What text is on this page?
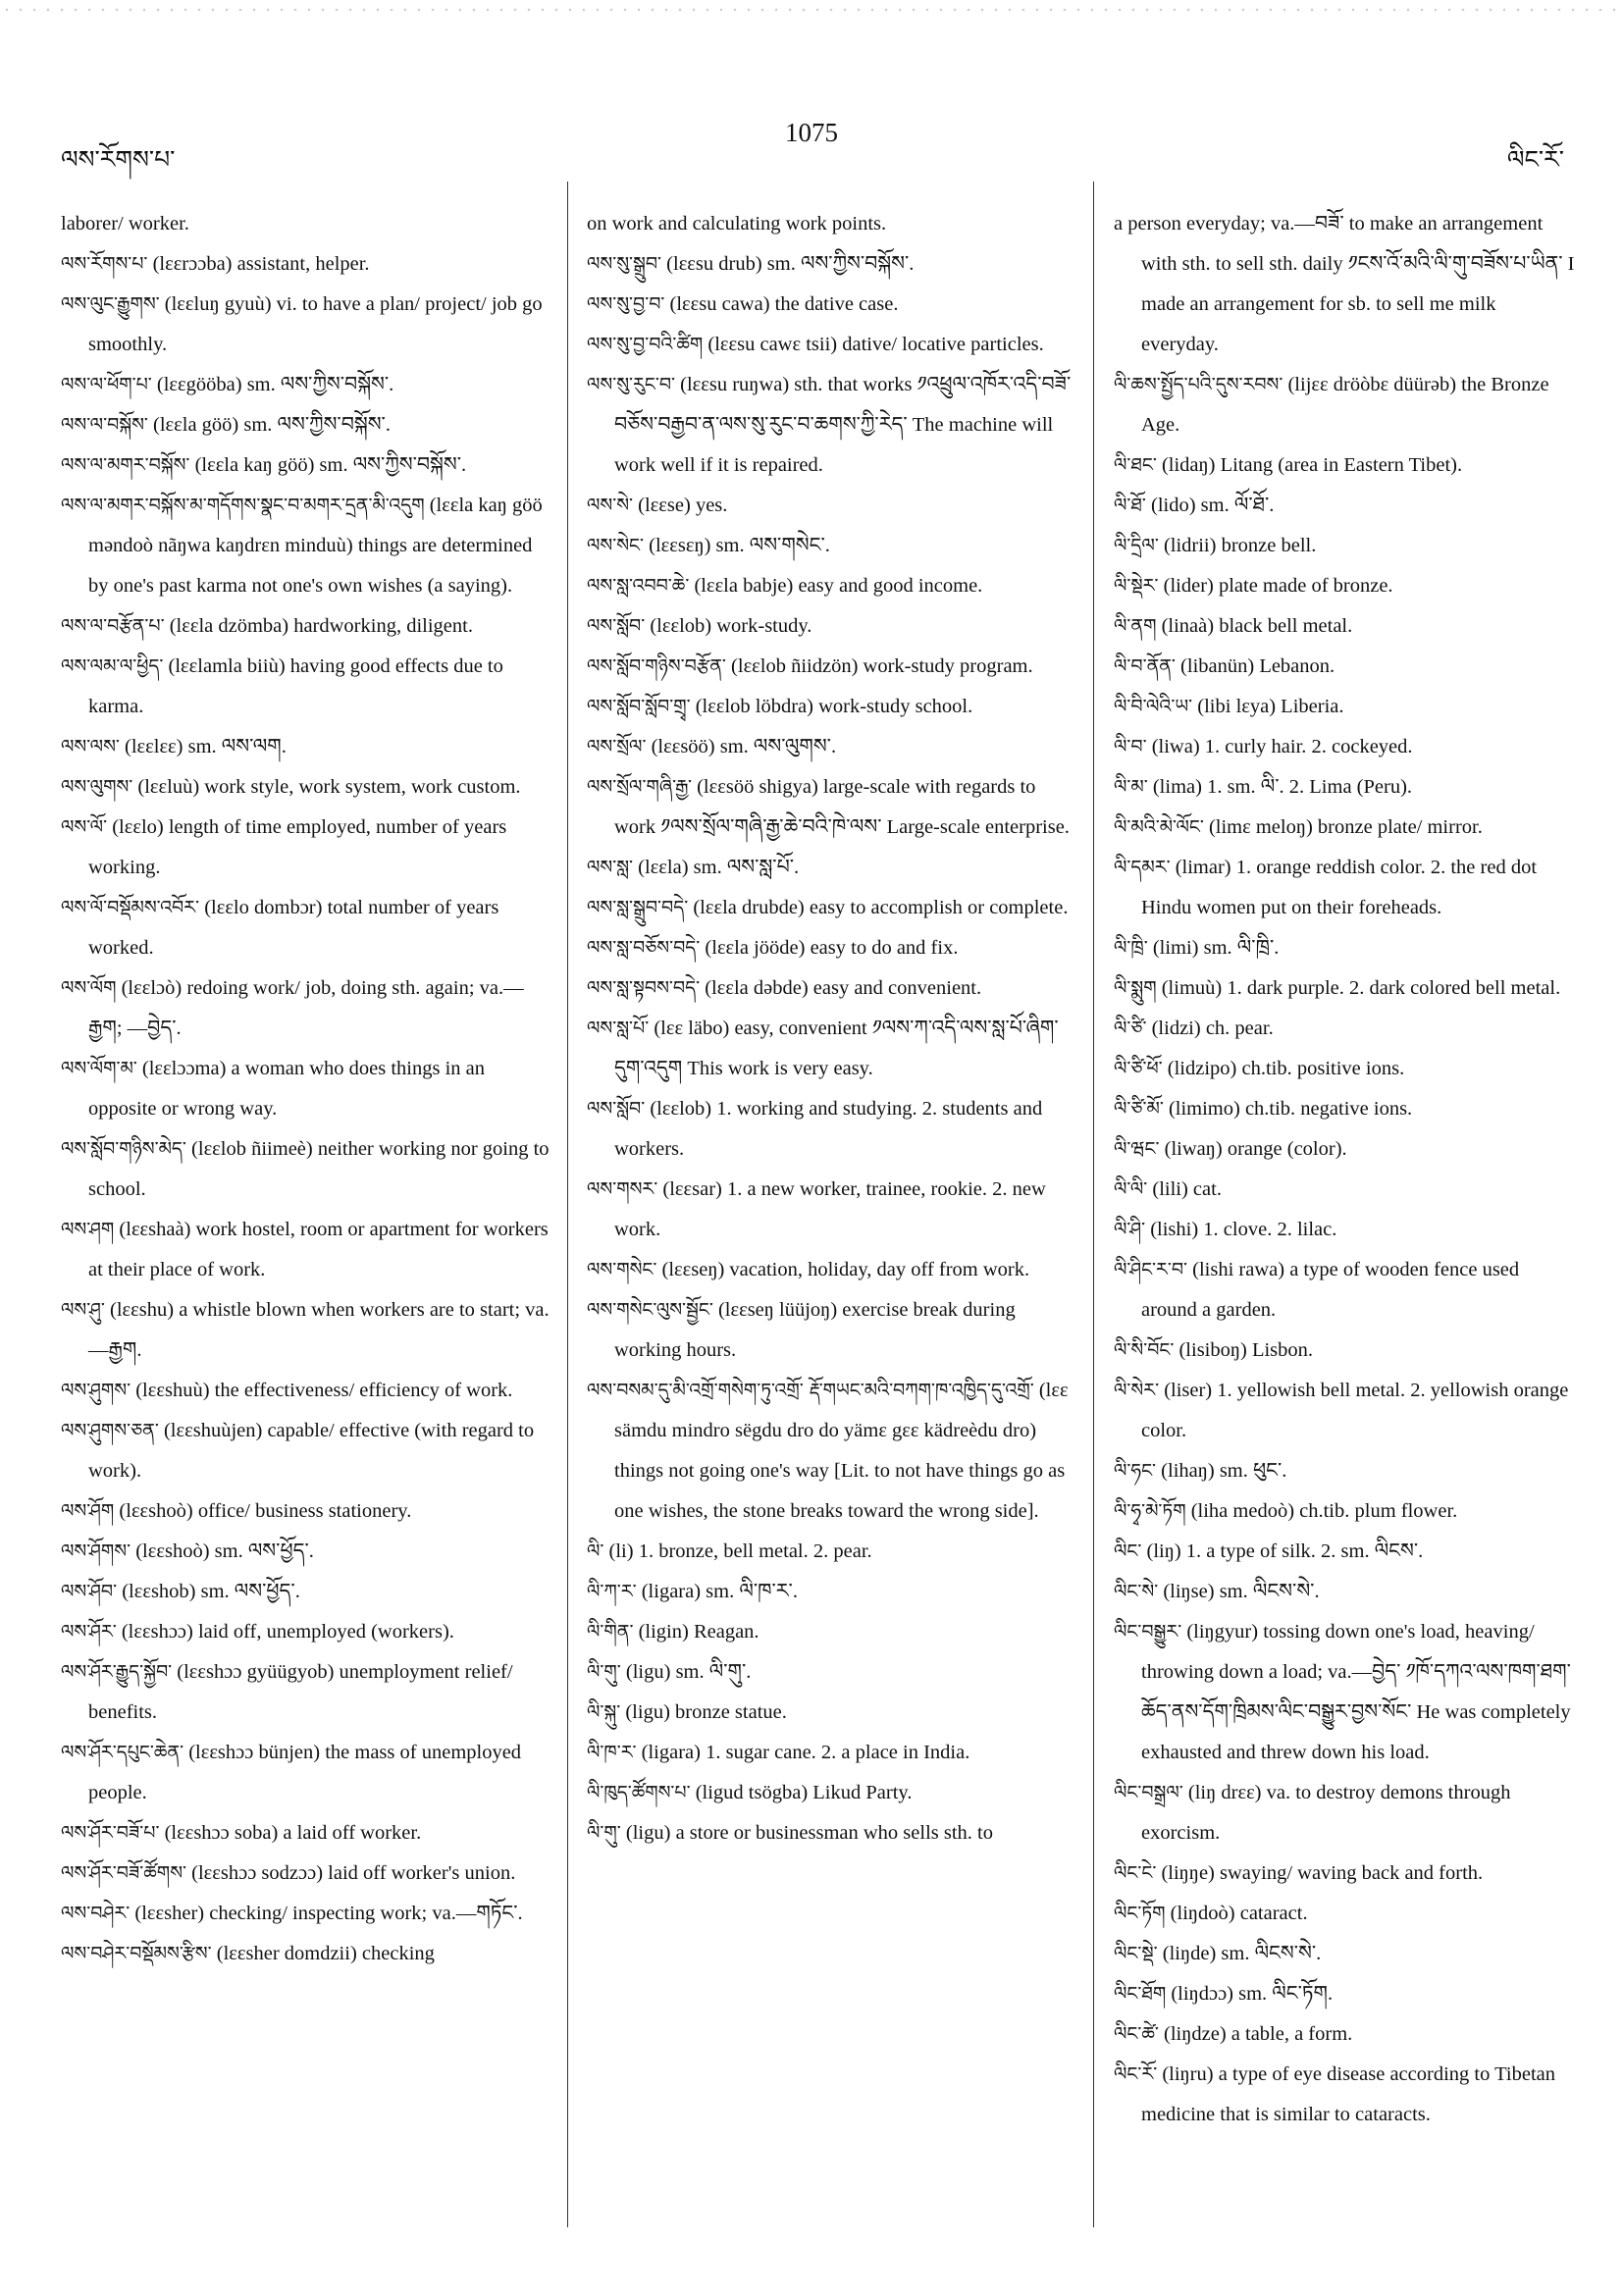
ལས་རོགས་པ་
1075
ལིང་རོ་
laborer/ worker.
ལས་རོགས་པ་ (lɛɛrɔɔba) assistant, helper.
ལས་ལུང་རྒྱུགས་ (lɛɛluŋ gyuù) vi. to have a plan/ project/ job go smoothly.
ལས་ལ་ཕོག་པ་ (lɛɛgööba) sm. ལས་ཀྱིས་བསྐོས་.
ལས་ལ་བསྐོས་ (lɛɛla göö) sm. ལས་ཀྱིས་བསྐོས་.
ལས་ལ་མགར་བསྐོས་ (lɛɛla kaŋ göö) sm. ལས་ཀྱིས་བསྐོས་.
ལས་ལ་མགར་བསྐོས་མ་གདོགས་སྣང་བ་མགར་དྲན་མི་འདུག (lɛɛla kaŋ göö məndoò nãŋwa kaŋdrɛn minduù) things are determined by one's past karma not one's own wishes (a saying).
ལས་ལ་བརྩོན་པ་ (lɛɛla dzömba) hardworking, diligent.
ལས་ལམ་ལ་ཕྱིད་ (lɛɛlamla biiù) having good effects due to karma.
ལས་ལས་ (lɛɛlɛɛ) sm. ལས་ལག.
ལས་ལུགས་ (lɛɛluù) work style, work system, work custom.
ལས་ལོ་ (lɛɛlo) length of time employed, number of years working.
ལས་ལོ་བསྡོམས་འབོར་ (lɛɛlo dombɔr) total number of years worked.
ལས་ལོག (lɛɛlɔò) redoing work/ job, doing sth. again; va.—རྒྱག; —བྱེད་.
ལས་ལོག་མ་ (lɛɛlɔɔma) a woman who does things in an opposite or wrong way.
ལས་སློབ་གཉིས་མེད་ (lɛɛlob ñiimeè) neither working nor going to school.
ལས་ཤག (lɛɛshaà) work hostel, room or apartment for workers at their place of work.
ལས་ཤུ་ (lɛɛshu) a whistle blown when workers are to start; va.—རྒྱག.
ལས་ཤུགས་ (lɛɛshuù) the effectiveness/ efficiency of work.
ལས་ཤུགས་ཅན་ (lɛɛshuùjen) capable/ effective (with regard to work).
ལས་ཤོག (lɛɛshoò) office/ business stationery.
ལས་ཤོགས་ (lɛɛshoò) sm. ལས་ཕྱོད་.
ལས་ཤོབ་ (lɛɛshob) sm. ལས་ཕྱོད་.
ལས་ཤོར་ (lɛɛshɔɔ) laid off, unemployed (workers).
ལས་ཤོར་རྒྱུད་སྐྱོབ་ (lɛɛshɔɔ gyüügyob) unemployment relief/ benefits.
ལས་ཤོར་དཔུང་ཆེན་ (lɛɛshɔɔ bünjen) the mass of unemployed people.
ལས་ཤོར་བཟོ་པ་ (lɛɛshɔɔ soba) a laid off worker.
ལས་ཤོར་བཟོ་ཚོགས་ (lɛɛshɔɔ sodzɔɔ) laid off worker's union.
ལས་བཤེར་ (lɛɛsher) checking/ inspecting work; va.—གཏོང་.
ལས་བཤེར་བསྡོམས་རྩིས་ (lɛɛsher domdzii) checking
on work and calculating work points.
ལས་སུ་སྒྲུབ་ (lɛɛsu drub) sm. ལས་ཀྱིས་བསྐོས་.
ལས་སུ་བྱ་བ་ (lɛɛsu cawa) the dative case.
ལས་སུ་བྱ་བའི་ཚིག (lɛɛsu cawɛ tsii) dative/ locative particles.
ལས་སུ་རུང་བ་ (lɛɛsu ruŋwa) sth. that works ༡འཕྲུལ་འཁོར་འདི་བཟོ་བཅོས་བརྒྱབ་ན་ལས་སུ་རུང་བ་ཆགས་ཀྱི་རེད་ The machine will work well if it is repaired.
ལས་སེ་ (lɛɛse) yes.
ལས་སེང་ (lɛɛsɛŋ) sm. ལས་གསེང་.
ལས་སླ་འབབ་ཆེ་ (lɛɛla babje) easy and good income.
ལས་སློབ་ (lɛɛlob) work-study.
ལས་སློབ་གཉིས་བརྩོན་ (lɛɛlob ñiidzön) work-study program.
ལས་སློབ་སློབ་གྲྭ་ (lɛɛlob löbdra) work-study school.
ལས་སྲོལ་ (lɛɛsöö) sm. ལས་ལུགས་.
ལས་སྲོལ་གཞི་རྒྱ་ (lɛɛsöö shigya) large-scale with regards to work ༡ལས་སྲོལ་གཞི་རྒྱ་ཆེ་བའི་ཁེ་ལས་ Large-scale enterprise.
ལས་སླ་ (lɛɛla) sm. ལས་སླ་པོ་.
ལས་སླ་སྒྲུབ་བདེ་ (lɛɛla drubde) easy to accomplish or complete.
ལས་སླ་བཅོས་བདེ་ (lɛɛla jööde) easy to do and fix.
ལས་སླ་སྟབས་བདེ་ (lɛɛla dəbde) easy and convenient.
ལས་སླ་པོ་ (lɛɛ läbo) easy, convenient ༡ལས་ཀ་འདི་ལས་སླ་པོ་ཞིག་དུག་འདུག This work is very easy.
ལས་སློབ་ (lɛɛlob) 1. working and studying. 2. students and workers.
ལས་གསར་ (lɛɛsar) 1. a new worker, trainee, rookie. 2. new work.
ལས་གསེང་ (lɛɛseŋ) vacation, holiday, day off from work.
ལས་གསེང་ལུས་སྦྱོང་ (lɛɛseŋ lüüjoŋ) exercise break during working hours.
ལས་བསམ་དུ་མི་འགྲོ་གསེག་ཏུ་འགྲོ་ རྡོ་གཡང་མའི་བཀག་ཁ་འཁྱིད་དུ་འགྲོ་ (lɛɛ sämdu mindro sëgdu dro do yämɛ gɛɛ kädreèdu dro) things not going one's way [Lit. to not have things go as one wishes, the stone breaks toward the wrong side].
ལི་ (li) 1. bronze, bell metal. 2. pear.
ལི་ཀ་ར་ (ligara) sm. ལི་ཁ་ར་.
ལི་གིན་ (ligin) Reagan.
ལི་གུ་ (ligu) sm. ལི་གུ་.
ལི་སྐུ་ (ligu) bronze statue.
ལི་ཁ་ར་ (ligara) 1. sugar cane. 2. a place in India.
ལི་ཁུད་ཚོགས་པ་ (ligud tsögba) Likud Party.
ལི་གུ་ (ligu) a store or businessman who sells sth. to
a person everyday; va.—བཟོ་ to make an arrangement with sth. to sell sth. daily ༡ངས་འོ་མའི་ལི་གུ་བཟོས་པ་ཡིན་ I made an arrangement for sb. to sell me milk everyday.
ལི་ཆས་སྤྱོད་པའི་དུས་རབས་ (lijɛɛ dröòbɛ düürəb) the Bronze Age.
ལི་ཐང་ (lidaŋ) Litang (area in Eastern Tibet).
ལི་ཐོ་ (lido) sm. ལོ་ཐོ་.
ལི་དྲིལ་ (lidrii) bronze bell.
ལི་སྡེར་ (lider) plate made of bronze.
ལི་ནག (linaà) black bell metal.
ལི་བ་ནོན་ (libanün) Lebanon.
ལི་བི་ལེའི་ཡ་ (libi lɛya) Liberia.
ལི་བ་ (liwa) 1. curly hair. 2. cockeyed.
ལི་མ་ (lima) 1. sm. ལི་. 2. Lima (Peru).
ལི་མའི་མེ་ལོང་ (limɛ meloŋ) bronze plate/ mirror.
ལི་དམར་ (limar) 1. orange reddish color. 2. the red dot Hindu women put on their foreheads.
ལི་ཁྲི་ (limi) sm. ལི་ཁྲི་.
ལི་སྨུག (limuù) 1. dark purple. 2. dark colored bell metal.
ལི་ཙི་ (lidzi) ch. pear.
ལི་ཙི་ཕོ་ (lidzipo) ch.tib. positive ions.
ལི་ཙི་མོ་ (limimo) ch.tib. negative ions.
ལི་ཝང་ (liwaŋ) orange (color).
ལི་ལི་ (lili) cat.
ལི་ཤི་ (lishi) 1. clove. 2. lilac.
ལི་ཤིང་ར་བ་ (lishi rawa) a type of wooden fence used around a garden.
ལི་སི་བོང་ (lisiboŋ) Lisbon.
ལི་སེར་ (liser) 1. yellowish bell metal. 2. yellowish orange color.
ལི་ཧང་ (lihaŋ) sm. ཕུང་.
ལི་ཧྭ་མེ་ཏོག (liha medoò) ch.tib. plum flower.
ལིང་ (liŋ) 1. a type of silk. 2. sm. ལིངས་.
ལིང་སེ་ (liŋse) sm. ལིངས་སེ་.
ལིང་བསྒྱུར་ (liŋgyur) tossing down one's load, heaving/ throwing down a load; va.—བྱེད་ ༡ཁོ་དཀའ་ལས་ཁག་ཐག་ཆོད་ནས་དོག་ཁྲིམས་ལིང་བསྒྱུར་བྱས་སོང་ He was completely exhausted and threw down his load.
ལིང་བསྒྲལ་ (liŋ drɛɛ) va. to destroy demons through exorcism.
ལིང་ངེ་ (liŋŋe) swaying/ waving back and forth.
ལིང་ཏོག (liŋdoò) cataract.
ལིང་སྡེ་ (liŋde) sm. ལིངས་སེ་.
ལིང་ཐོག (liŋdɔɔ) sm. ལིང་ཏོག.
ལིང་ཚེ་ (liŋdze) a table, a form.
ལིང་རོ་ (liŋru) a type of eye disease according to Tibetan medicine that is similar to cataracts.
